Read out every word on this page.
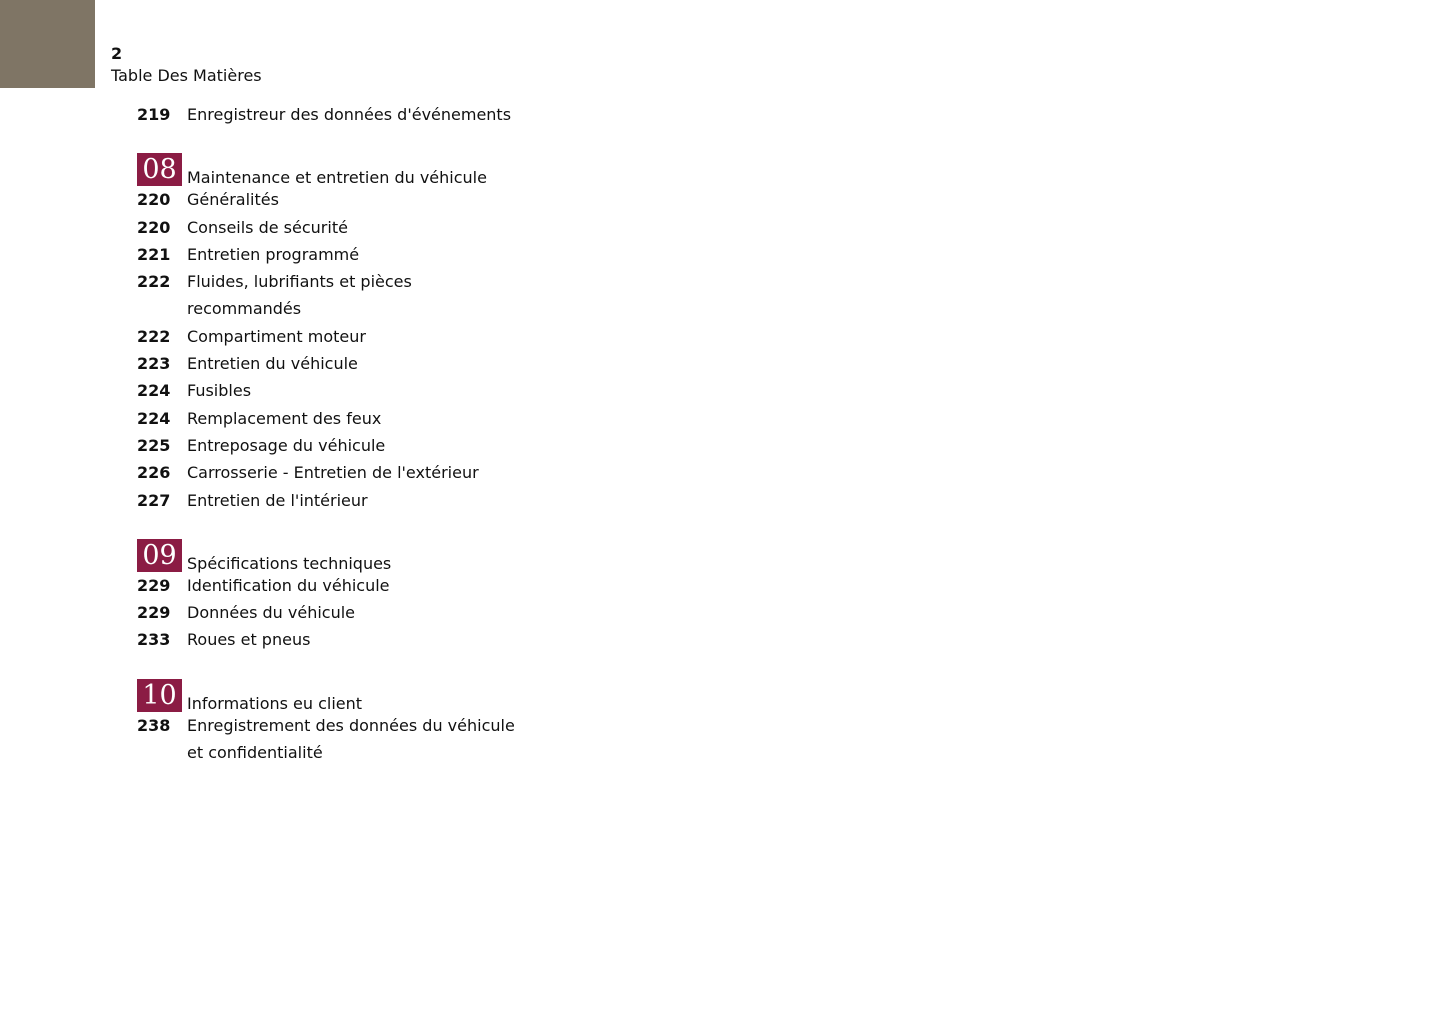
2
Table Des Matières
219	Enregistreur des données d'événements
08 Maintenance et entretien du véhicule
220	Généralités
220	Conseils de sécurité
221	Entretien programmé
222	Fluides, lubrifiants et pièces recommandés
222	Compartiment moteur
223	Entretien du véhicule
224	Fusibles
224	Remplacement des feux
225	Entreposage du véhicule
226	Carrosserie - Entretien de l'extérieur
227	Entretien de l'intérieur
09 Spécifications techniques
229	Identification du véhicule
229	Données du véhicule
233	Roues et pneus
10 Informations eu client
238	Enregistrement des données du véhicule et confidentialité
